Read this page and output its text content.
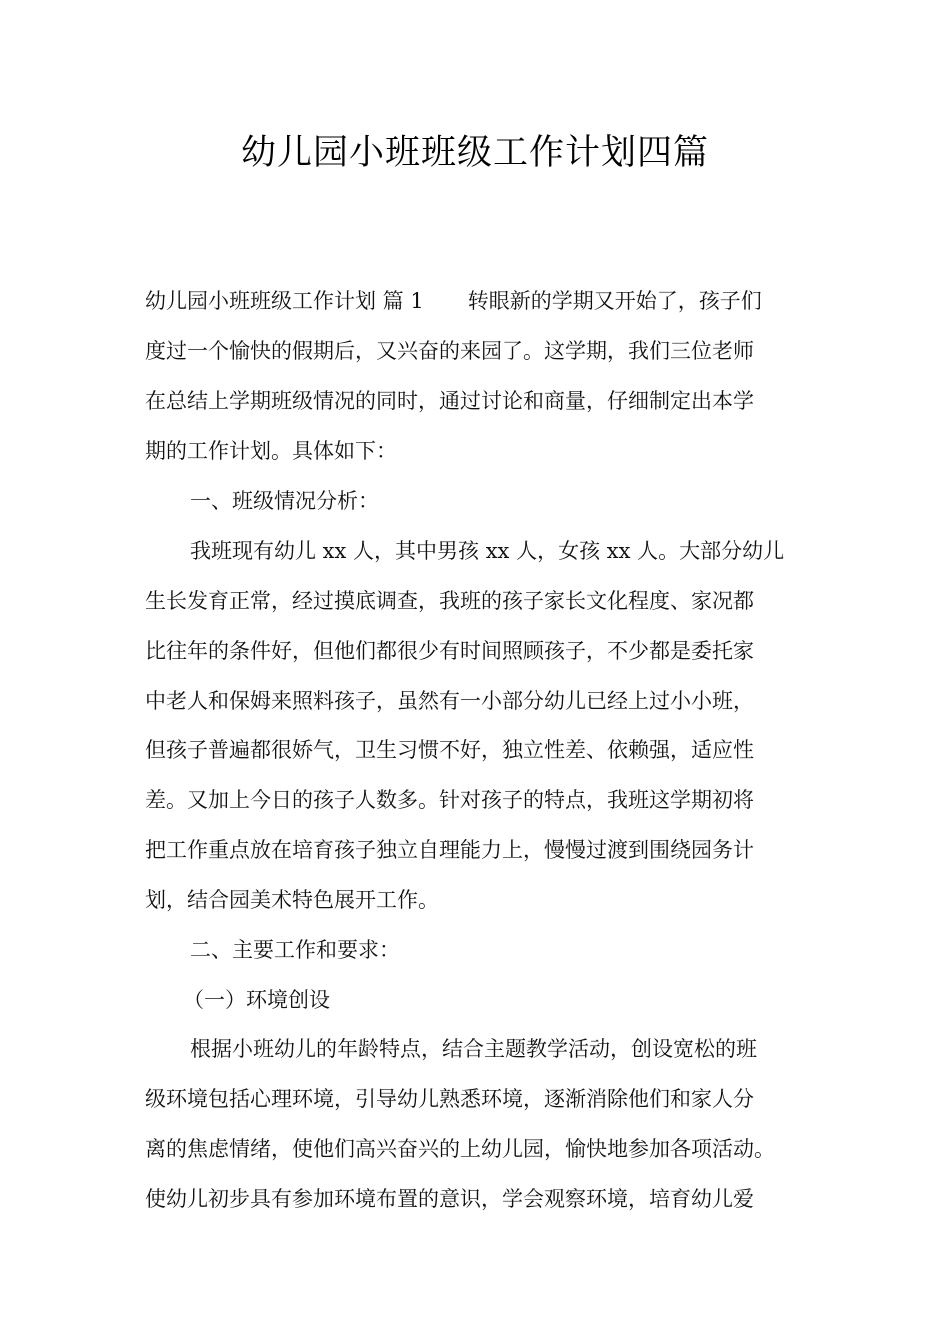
幼儿园小班班级工作计划四篇
幼儿园小班班级工作计划 篇 1 转眼新的学期又开始了，孩子们
度过一个愉快的假期后，又兴奋的来园了。这学期，我们三位老师
在总结上学期班级情况的同时，通过讨论和商量，仔细制定出本学
期的工作计划。具体如下：
一、班级情况分析：
我班现有幼儿 xx 人，其中男孩 xx 人，女孩 xx 人。大部分幼儿
生长发育正常，经过摸底调查，我班的孩子家长文化程度、家况都
比往年的条件好，但他们都很少有时间照顾孩子，不少都是委托家
中老人和保姆来照料孩子，虽然有一小部分幼儿已经上过小小班，
但孩子普遍都很娇气，卫生习惯不好，独立性差、依赖强，适应性
差。又加上今日的孩子人数多。针对孩子的特点，我班这学期初将
把工作重点放在培育孩子独立自理能力上，慢慢过渡到围绕园务计
划，结合园美术特色展开工作。
二、主要工作和要求：
（一）环境创设
根据小班幼儿的年龄特点，结合主题教学活动，创设宽松的班
级环境包括心理环境，引导幼儿熟悉环境，逐渐消除他们和家人分
离的焦虑情绪，使他们高兴奋兴的上幼儿园，愉快地参加各项活动。
使幼儿初步具有参加环境布置的意识，学会观察环境，培育幼儿爱
